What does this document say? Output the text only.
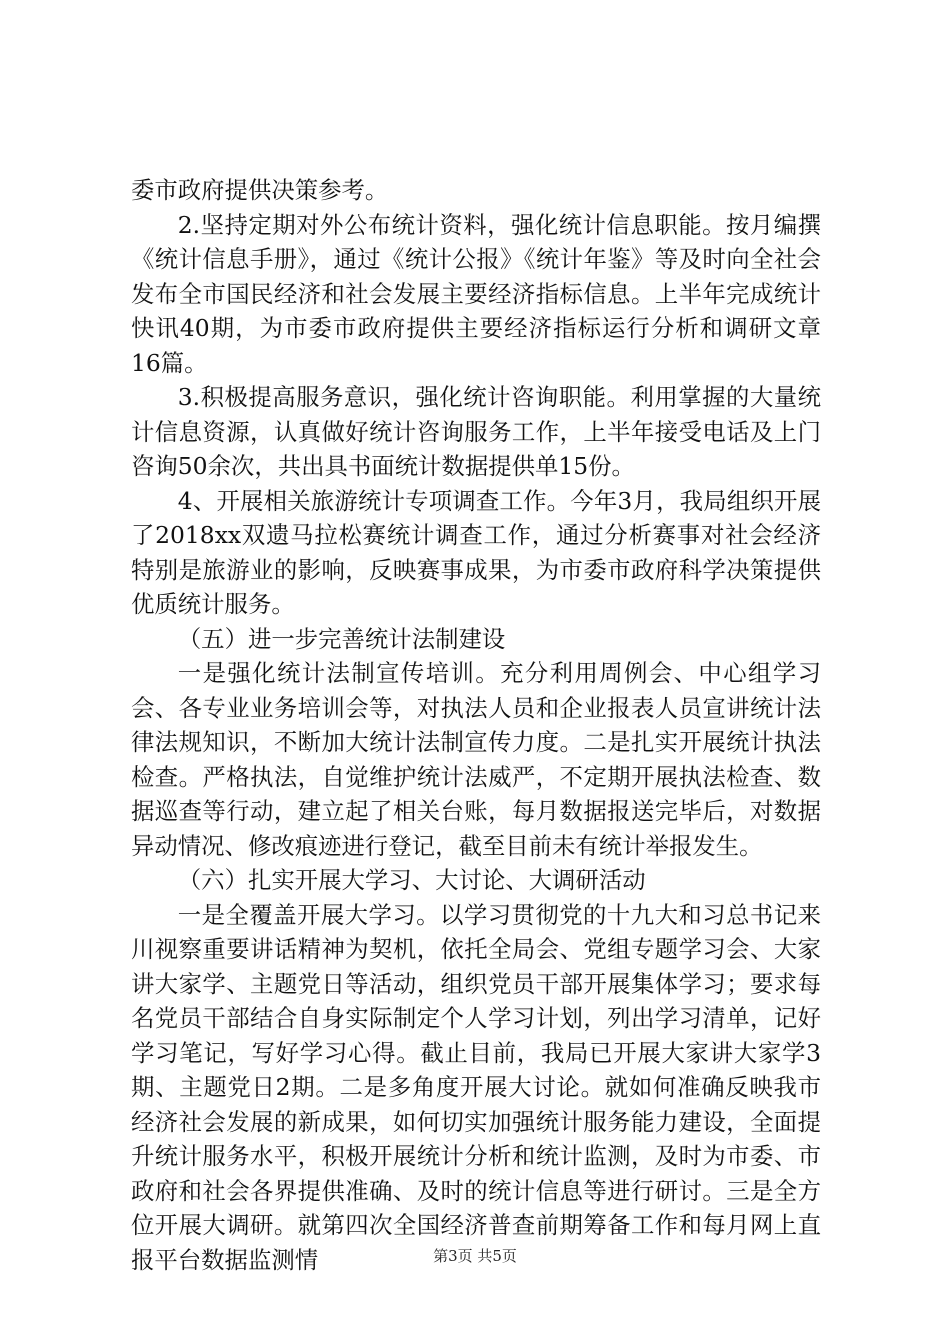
委市政府提供决策参考。

2.坚持定期对外公布统计资料，强化统计信息职能。按月编撰《统计信息手册》，通过《统计公报》《统计年鉴》等及时向全社会发布全市国民经济和社会发展主要经济指标信息。上半年完成统计快讯40期，为市委市政府提供主要经济指标运行分析和调研文章16篇。

3.积极提高服务意识，强化统计咨询职能。利用掌握的大量统计信息资源，认真做好统计咨询服务工作，上半年接受电话及上门咨询50余次，共出具书面统计数据提供单15份。

4、开展相关旅游统计专项调查工作。今年3月，我局组织开展了2018xx双遗马拉松赛统计调查工作，通过分析赛事对社会经济特别是旅游业的影响，反映赛事成果，为市委市政府科学决策提供优质统计服务。

（五）进一步完善统计法制建设

一是强化统计法制宣传培训。充分利用周例会、中心组学习会、各专业业务培训会等，对执法人员和企业报表人员宣讲统计法律法规知识，不断加大统计法制宣传力度。二是扎实开展统计执法检查。严格执法，自觉维护统计法威严，不定期开展执法检查、数据巡查等行动，建立起了相关台账，每月数据报送完毕后，对数据异动情况、修改痕迹进行登记，截至目前未有统计举报发生。

（六）扎实开展大学习、大讨论、大调研活动

一是全覆盖开展大学习。以学习贯彻党的十九大和习总书记来川视察重要讲话精神为契机，依托全局会、党组专题学习会、大家讲大家学、主题党日等活动，组织党员干部开展集体学习；要求每名党员干部结合自身实际制定个人学习计划，列出学习清单，记好学习笔记，写好学习心得。截止目前，我局已开展大家讲大家学3期、主题党日2期。二是多角度开展大讨论。就如何准确反映我市经济社会发展的新成果，如何切实加强统计服务能力建设，全面提升统计服务水平，积极开展统计分析和统计监测，及时为市委、市政府和社会各界提供准确、及时的统计信息等进行研讨。三是全方位开展大调研。就第四次全国经济普查前期筹备工作和每月网上直报平台数据监测情	第3页 共5页
